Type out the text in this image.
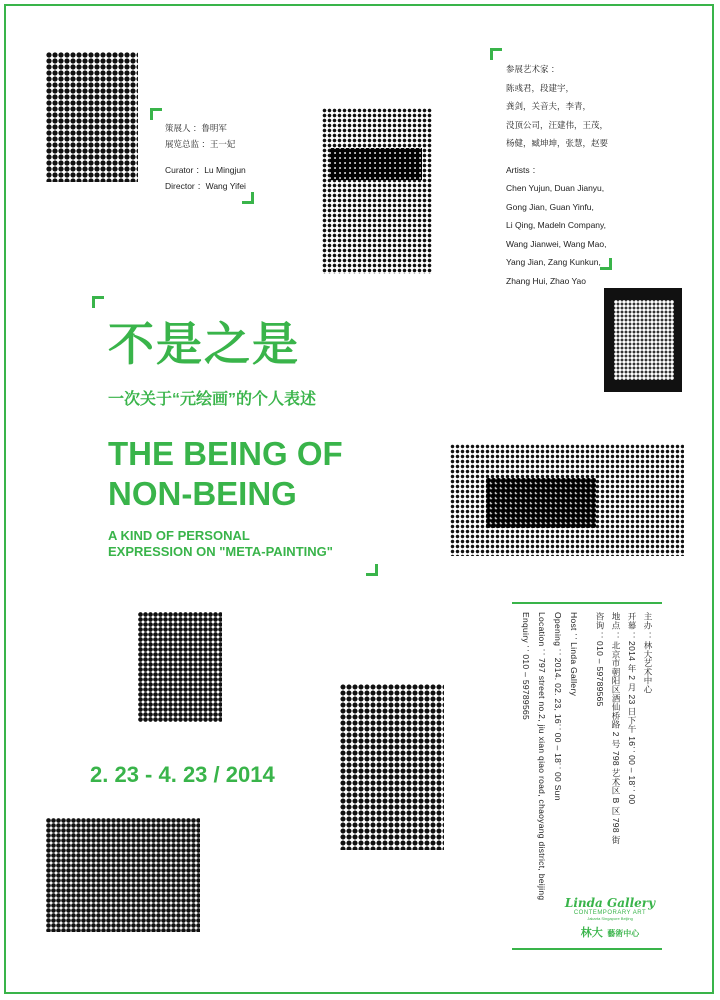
策展人 ：鲁明军
展览总监 ：王一妃
Curator ：Lu Mingjun
Director ：Wang Yifei
参展艺术家 ：
陈彧君，段建宇，
龚剑，关音夫，李青，
没顶公司，汪建伟，王茂，
杨健，臧坤坤，张慧，赵要
Artists ：
Chen Yujun, Duan Jianyu,
Gong Jian, Guan Yinfu,
Li Qing, Madeln Company,
Wang Jianwei, Wang Mao,
Yang Jian, Zang Kunkun,
Zhang Hui, Zhao Yao
不是之是
一次关于“元绘画”的个人表述
THE BEING OF
NON-BEING
A KIND OF PERSONAL
EXPRESSION ON "META-PAINTING"
2. 23 - 4. 23 / 2014
主办 ：林大艺术中心
开幕 ：2014 年 2 月 23 日下午 16：00 – 18：00
地点 ：北京市朝阳区酒仙桥路 2 号 798 艺术区 B 区 798 街
咨询 ：010 – 59789565
Host ：Linda Gallery
Opening ：2014. 02. 23, 16：00 – 18：00 Sun
Location ：797 street no.2, jiu xian qiao road, chaoyang district, beijing
Enquiry ：010 – 59789565
Linda Gallery
CONTEMPORARY ART
Jakarta Singapore Beijing
林大 藝術中心
